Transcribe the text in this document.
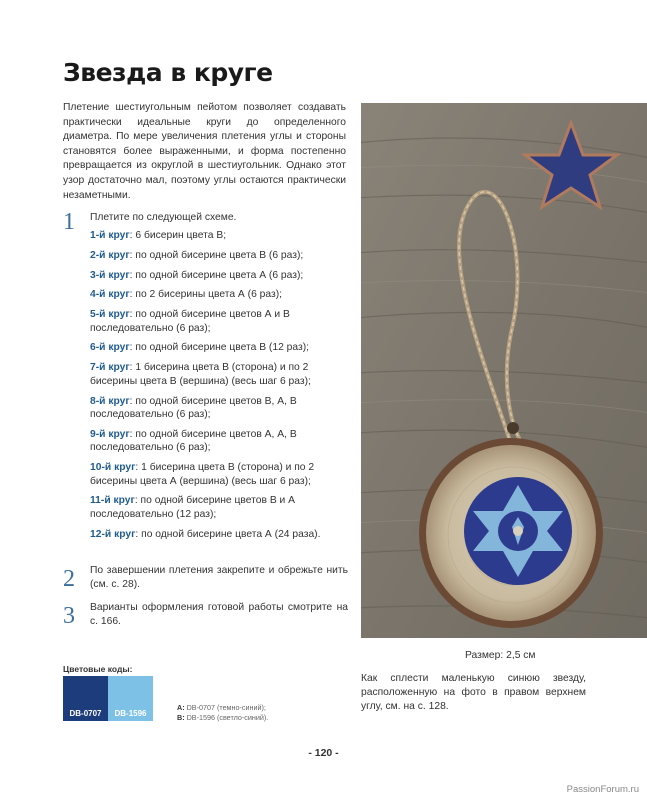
Звезда в круге

Плетение шестиугольным пейотом позволяет создавать практически идеальные круги до определенного диаметра. По мере увеличения плетения углы и стороны становятся более выраженными, и форма постепенно превращается из округлой в шестиугольник. Однако этот узор достаточно мал, поэтому углы остаются практически незаметными.

1 Плетите по следующей схеме.
1-й круг: 6 бисерин цвета В;
2-й круг: по одной бисерине цвета В (6 раз);
3-й круг: по одной бисерине цвета А (6 раз);
4-й круг: по 2 бисерины цвета А (6 раз);
5-й круг: по одной бисерине цветов А и В последовательно (6 раз);
6-й круг: по одной бисерине цвета В (12 раз);
7-й круг: 1 бисерина цвета В (сторона) и по 2 бисерины цвета В (вершина) (весь шаг 6 раз);
8-й круг: по одной бисерине цветов В, А, В последовательно (6 раз);
9-й круг: по одной бисерине цветов А, А, В последовательно (6 раз);
10-й круг: 1 бисерина цвета В (сторона) и по 2 бисерины цвета А (вершина) (весь шаг 6 раз);
11-й круг: по одной бисерине цветов В и А последовательно (12 раз);
12-й круг: по одной бисерине цвета А (24 раза).
2 По завершении плетения закрепите и обрежьте нить (см. с. 28).
3 Варианты оформления готовой работы смотрите на с. 166.
Размер: 2,5 см
Как сплести маленькую синюю звезду, расположенную на фото в правом верхнем углу, см. на с. 128.
Цветовые коды:
DB-0707	DB-1596
A: DB-0707 (темно-синий);
B: DB-1596 (светло-синий).
- 120 -
PassionForum.ru
